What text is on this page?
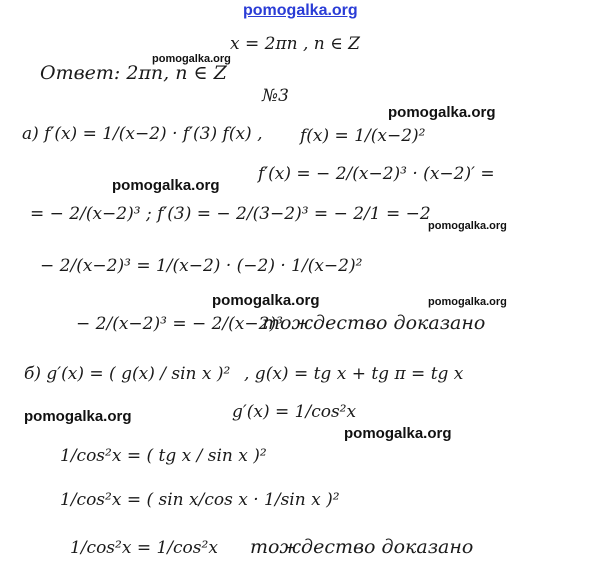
pomogalka.org
pomogalka.org
pomogalka.org
pomogalka.org
pomogalka.org
pomogalka.org	pomogalka.org
pomogalka.org
pomogalka.org
x = 2πn , n ∈ Z
Ответ: 2πn, n ∈ Z
№3
а) f′(x) = 1/(x−2) · f′(3) f(x) , f(x) = 1/(x−2)²
f′(x) = − 2/(x−2)³ · (x−2)′ =
= − 2/(x−2)³ ; f′(3) = − 2/(3−2)³ = − 2/1 = −2
− 2/(x−2)³ = 1/(x−2) · (−2) · 1/(x−2)²
− 2/(x−2)³ = − 2/(x−2)³
тождество доказано
б) g′(x) = ( g(x) / sin x )² , g(x) = tg x + tg π = tg x
g′(x) = 1/cos²x
1/cos²x = ( tg x / sin x )²
1/cos²x = ( sin x/cos x · 1/sin x )²
1/cos²x = 1/cos²x тождество доказано
